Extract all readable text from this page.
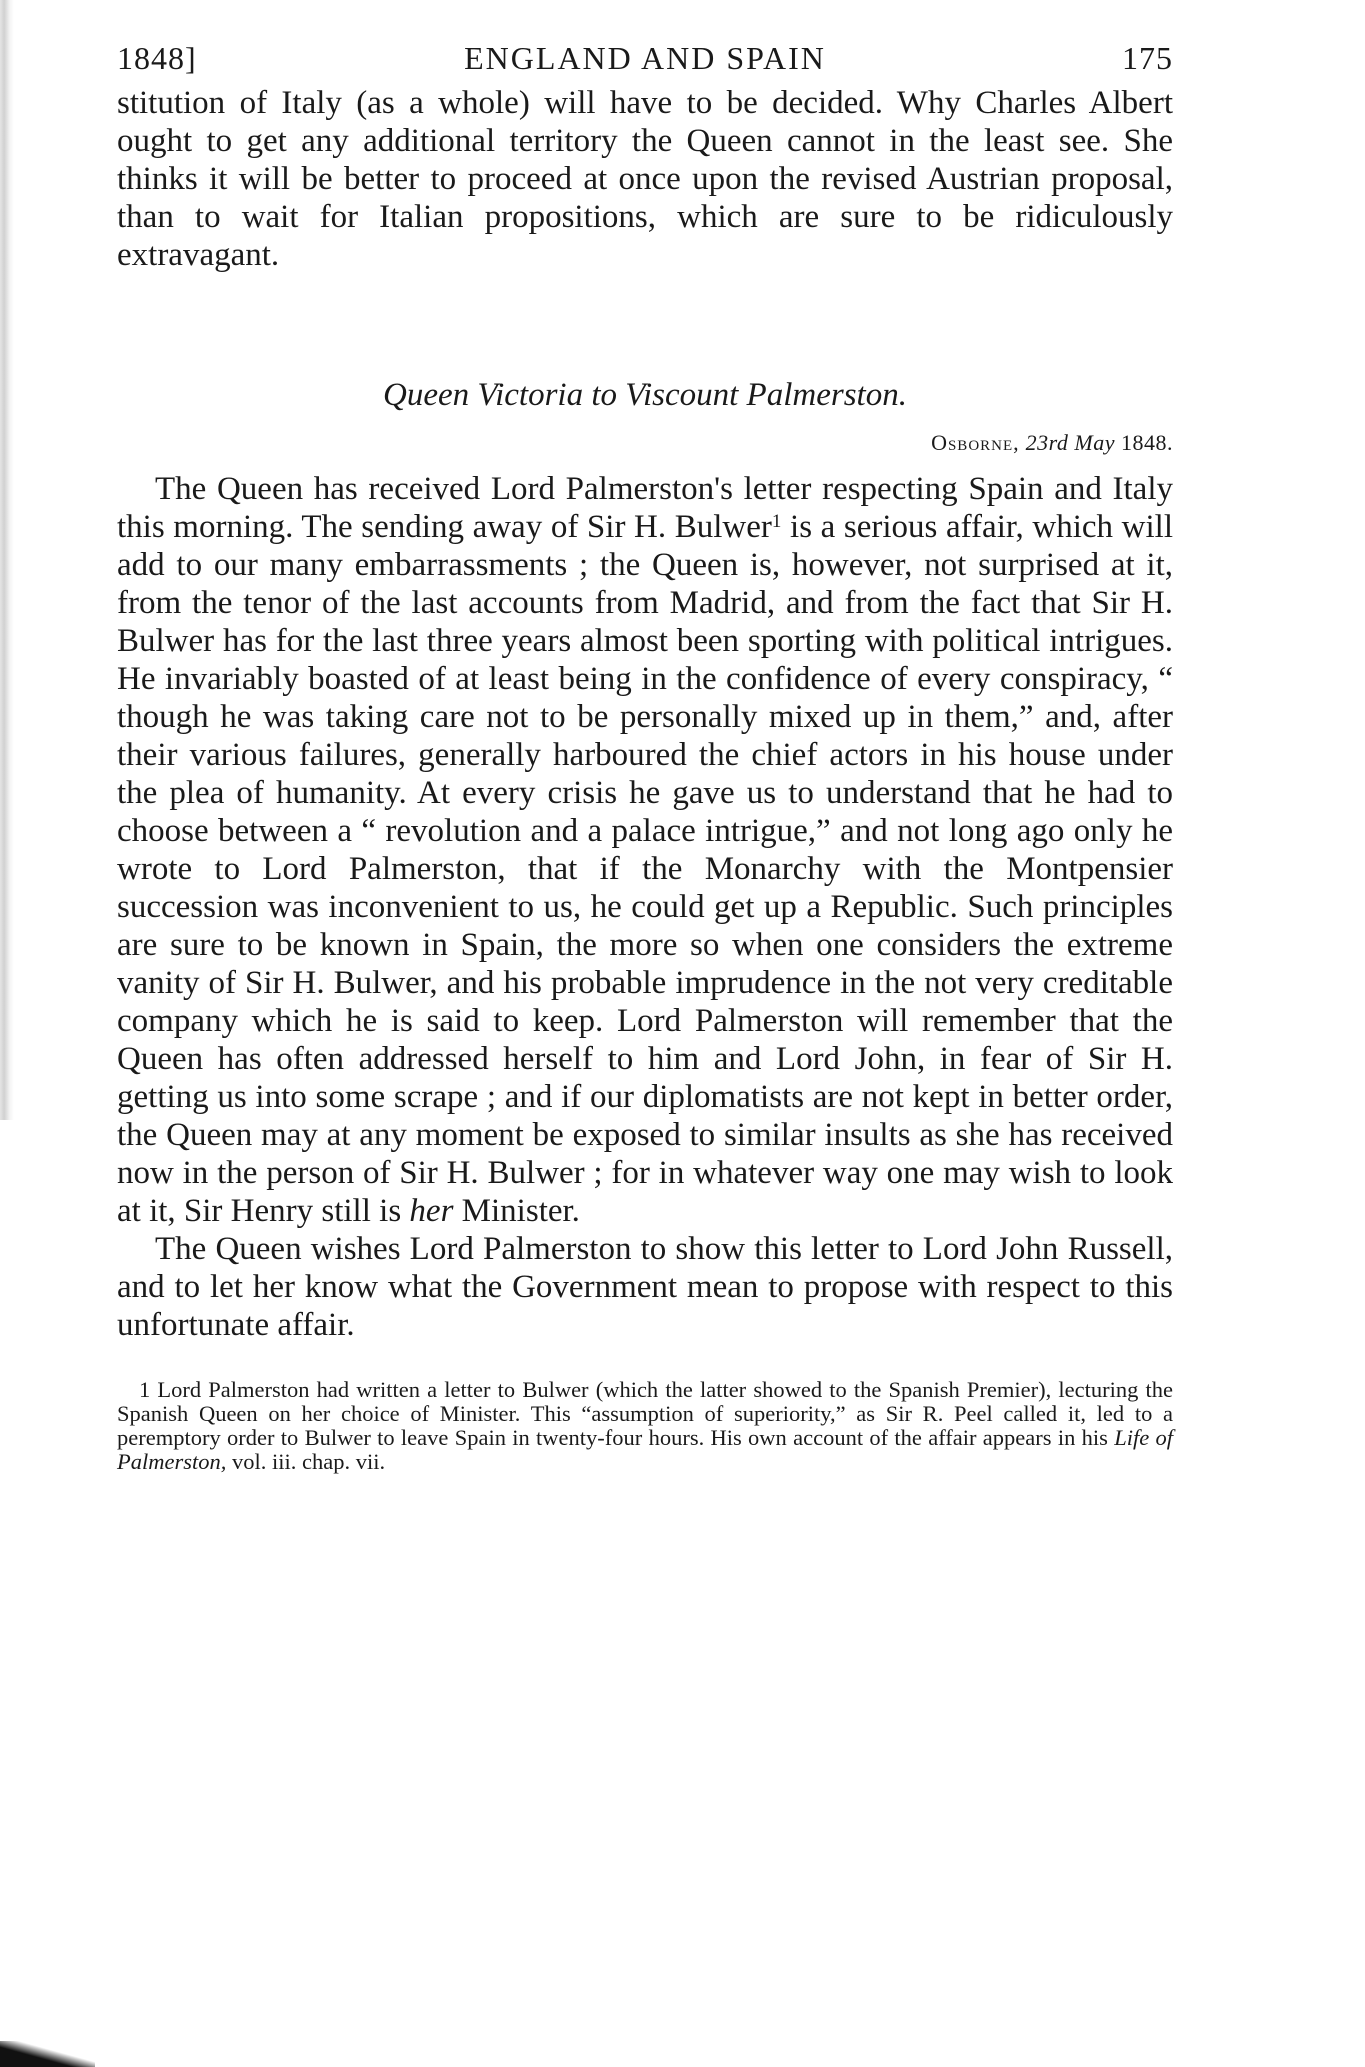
1848]	ENGLAND AND SPAIN	175

stitution of Italy (as a whole) will have to be decided. Why Charles Albert ought to get any additional territory the Queen cannot in the least see. She thinks it will be better to proceed at once upon the revised Austrian proposal, than to wait for Italian propositions, which are sure to be ridiculously extravagant.

Queen Victoria to Viscount Palmerston.
Osborne, 23rd May 1848.

The Queen has received Lord Palmerston's letter respecting Spain and Italy this morning. The sending away of Sir H. Bulwer$^1$ is a serious affair, which will add to our many embarrassments ; the Queen is, however, not surprised at it, from the tenor of the last accounts from Madrid, and from the fact that Sir H. Bulwer has for the last three years almost been sporting with political intrigues. He invariably boasted of at least being in the confidence of every conspiracy, “ though he was taking care not to be personally mixed up in them,” and, after their various failures, generally harboured the chief actors in his house under the plea of humanity. At every crisis he gave us to understand that he had to choose between a “ revolution and a palace intrigue,” and not long ago only he wrote to Lord Palmerston, that if the Monarchy with the Montpensier succession was inconvenient to us, he could get up a Republic. Such principles are sure to be known in Spain, the more so when one considers the extreme vanity of Sir H. Bulwer, and his probable imprudence in the not very creditable company which he is said to keep. Lord Palmerston will remember that the Queen has often addressed herself to him and Lord John, in fear of Sir H. getting us into some scrape ; and if our diplomatists are not kept in better order, the Queen may at any moment be exposed to similar insults as she has received now in the person of Sir H. Bulwer ; for in whatever way one may wish to look at it, Sir Henry still is her Minister.

The Queen wishes Lord Palmerston to show this letter to Lord John Russell, and to let her know what the Government mean to propose with respect to this unfortunate affair.

1 Lord Palmerston had written a letter to Bulwer (which the latter showed to the Spanish Premier), lecturing the Spanish Queen on her choice of Minister. This “assumption of superiority,” as Sir R. Peel called it, led to a peremptory order to Bulwer to leave Spain in twenty-four hours. His own account of the affair appears in his Life of Palmerston, vol. iii. chap. vii.
